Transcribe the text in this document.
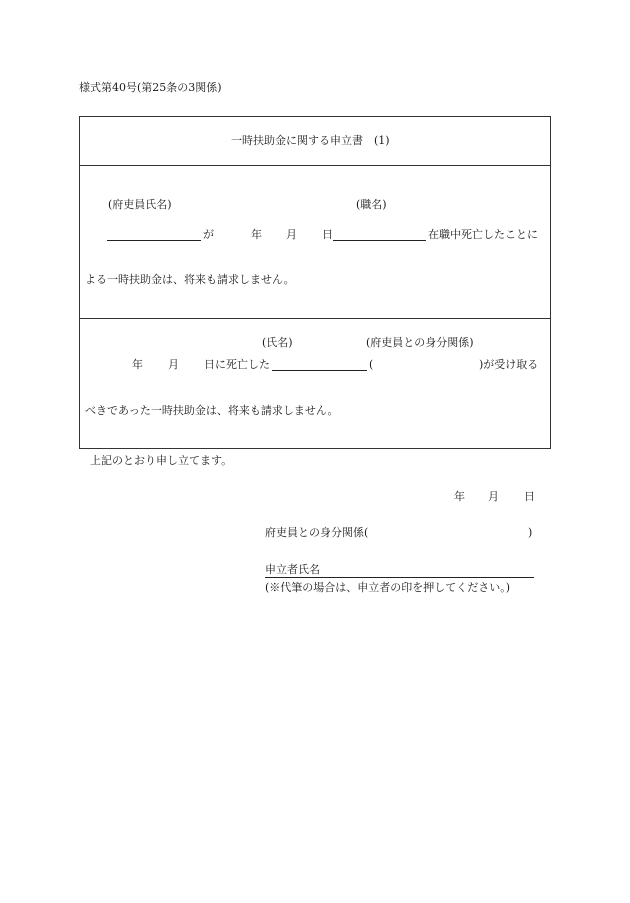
様式第40号(第25条の3関係)
一時扶助金に関する申立書　(1)
(府吏員氏名)	(職名)
が	年 月 日	在職中死亡したことに
よる一時扶助金は、将来も請求しません。
(氏名)	(府吏員との身分関係)
年 月 日に死亡した	(	)が受け取る
べきであった一時扶助金は、将来も請求しません。
上記のとおり申し立てます。
年 月 日
府吏員との身分関係(	)
申立者氏名
(※代筆の場合は、申立者の印を押してください。)
